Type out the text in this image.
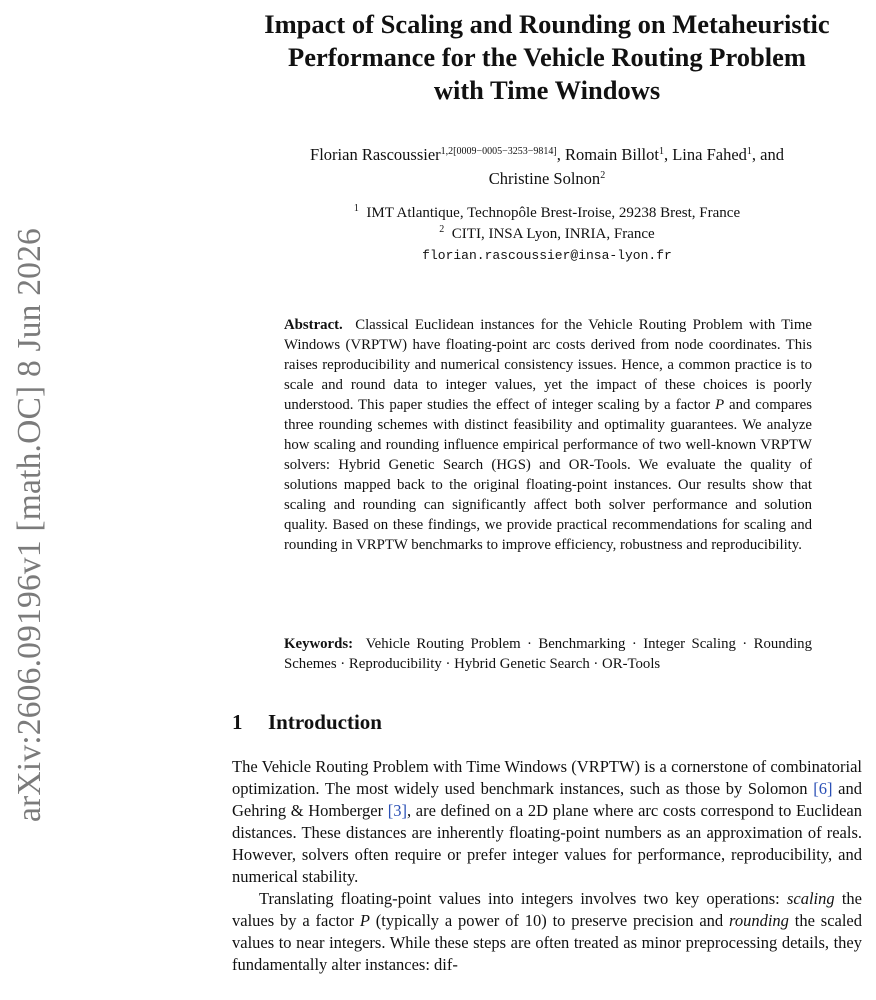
arXiv:2606.09196v1 [math.OC] 8 Jun 2026
Impact of Scaling and Rounding on Metaheuristic
Performance for the Vehicle Routing Problem
with Time Windows
Florian Rascoussier$^{1,2[0009-0005-3253-9814]}$, Romain Billot$^1$, Lina Fahed$^1$, and
Christine Solnon$^2$
$^1$ IMT Atlantique, Technopôle Brest-Iroise, 29238 Brest, France
$^2$ CITI, INSA Lyon, INRIA, France
florian.rascoussier@insa-lyon.fr
Abstract. Classical Euclidean instances for the Vehicle Routing Problem with Time Windows (VRPTW) have floating-point arc costs derived from node coordinates. This raises reproducibility and numerical consistency issues. Hence, a common practice is to scale and round data to integer values, yet the impact of these choices is poorly understood. This paper studies the effect of integer scaling by a factor P and compares three rounding schemes with distinct feasibility and optimality guarantees. We analyze how scaling and rounding influence empirical performance of two well-known VRPTW solvers: Hybrid Genetic Search (HGS) and OR-Tools. We evaluate the quality of solutions mapped back to the original floating-point instances. Our results show that scaling and rounding can significantly affect both solver performance and solution quality. Based on these findings, we provide practical recommendations for scaling and rounding in VRPTW benchmarks to improve efficiency, robustness and reproducibility.
Keywords: Vehicle Routing Problem · Benchmarking · Integer Scaling · Rounding Schemes · Reproducibility · Hybrid Genetic Search · OR-Tools
1 Introduction

The Vehicle Routing Problem with Time Windows (VRPTW) is a cornerstone of combinatorial optimization. The most widely used benchmark instances, such as those by Solomon [6] and Gehring & Homberger [3], are defined on a 2D plane where arc costs correspond to Euclidean distances. These distances are inherently floating-point numbers as an approximation of reals. However, solvers often require or prefer integer values for performance, reproducibility, and numerical stability.

Translating floating-point values into integers involves two key operations: scaling the values by a factor P (typically a power of 10) to preserve precision and rounding the scaled values to near integers. While these steps are often treated as minor preprocessing details, they fundamentally alter instances: dif-
